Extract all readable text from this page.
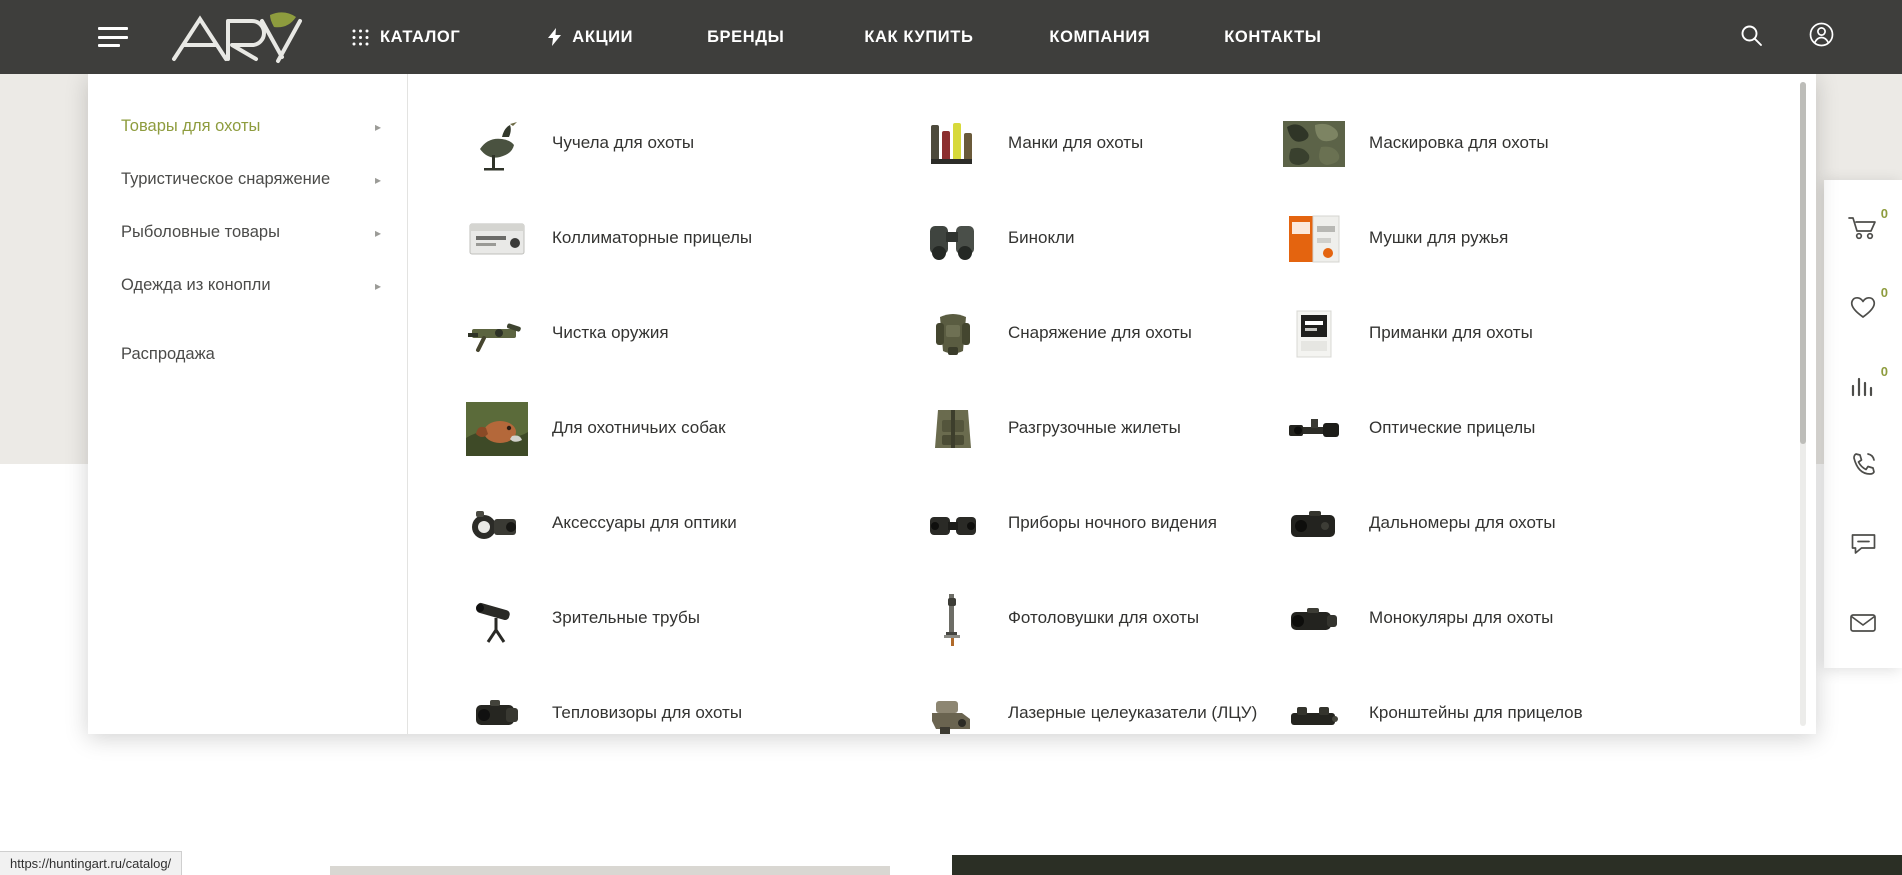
КАТАЛОГ	АКЦИИ	БРЕНДЫ	КАК КУПИТЬ	КОМПАНИЯ	КОНТАКТЫ
Товары для охоты	▸
Туристическое снаряжение	▸
Рыболовные товары	▸
Одежда из конопли	▸
Распродажа
Чучела для охоты	Манки для охоты	Маскировка для охоты
Коллиматорные прицелы	Бинокли	Мушки для ружья
Чистка оружия	Снаряжение для охоты	Приманки для охоты
Для охотничьих собак	Разгрузочные жилеты	Оптические прицелы
Аксессуары для оптики	Приборы ночного видения	Дальномеры для охоты
Зрительные трубы	Фотоловушки для охоты	Монокуляры для охоты
Тепловизоры для охоты	Лазерные целеуказатели (ЛЦУ)	Кронштейны для прицелов
0
0
0
https://huntingart.ru/catalog/
